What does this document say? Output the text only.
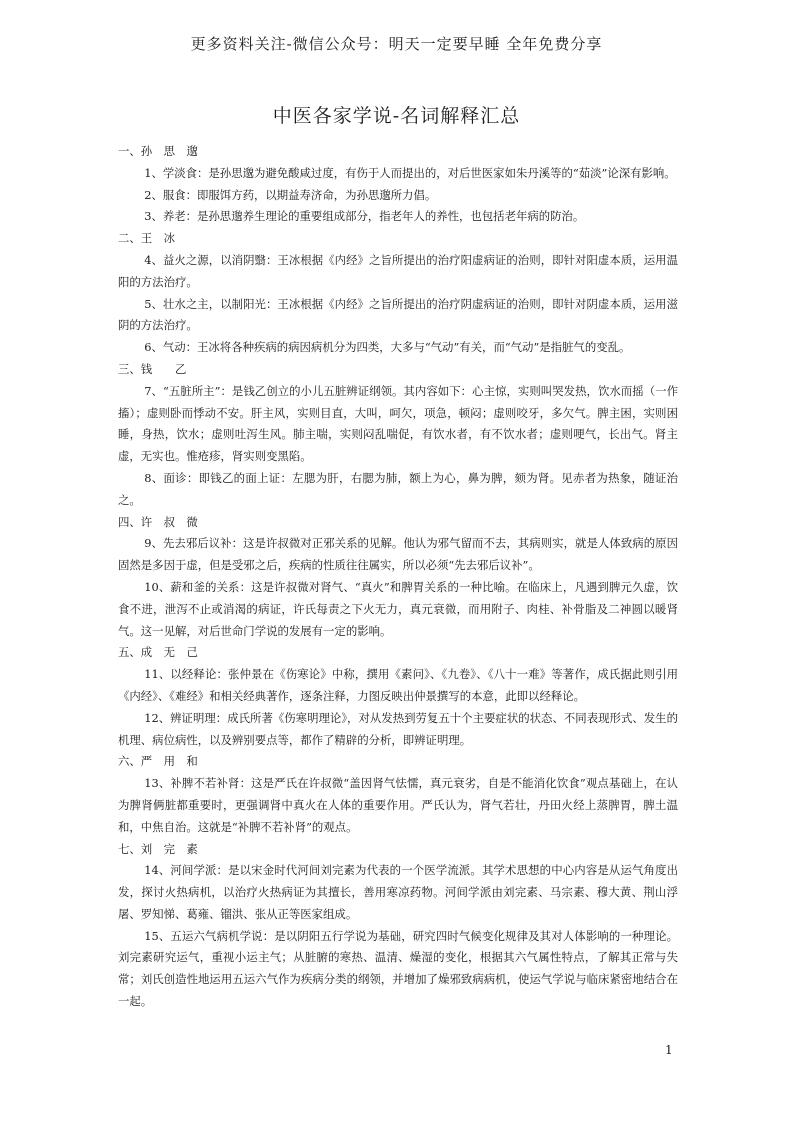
更多资料关注-微信公众号：明天一定要早睡 全年免费分享
中医各家学说-名词解释汇总

一、孙　思　邈

1、学淡食：是孙思邈为避免酸咸过度，有伤于人而提出的，对后世医家如朱丹溪等的“茹淡”论深有影响。

2、服食：即服饵方药，以期益寿济命，为孙思邈所力倡。

3、养老：是孙思邈养生理论的重要组成部分，指老年人的养性，也包括老年病的防治。

二、王　冰

4、益火之源，以消阴翳：王冰根据《内经》之旨所提出的治疗阳虚病证的治则，即针对阳虚本质，运用温阳的方法治疗。

5、壮水之主，以制阳光：王冰根据《内经》之旨所提出的治疗阴虚病证的治则，即针对阴虚本质，运用滋阴的方法治疗。

6、气动：王冰将各种疾病的病因病机分为四类，大多与“气动”有关，而“气动”是指脏气的变乱。

三、钱　　乙

7、“五脏所主”：是钱乙创立的小儿五脏辨证纲领。其内容如下：心主惊，实则叫哭发热，饮水而摇（一作搐）；虚则卧而悸动不安。肝主风，实则目直，大叫，呵欠，项急，顿闷；虚则咬牙，多欠气。脾主困，实则困睡，身热，饮水；虚则吐泻生风。肺主喘，实则闷乱喘促，有饮水者，有不饮水者；虚则哽气，长出气。肾主虚，无实也。惟疮疹，肾实则变黑陷。

8、面诊：即钱乙的面上证：左腮为肝，右腮为肺，额上为心，鼻为脾，颏为肾。见赤者为热象，随证治之。

四、许　叔　微

9、先去邪后议补：这是许叔微对正邪关系的见解。他认为邪气留而不去，其病则实，就是人体致病的原因固然是多因于虚，但是受邪之后，疾病的性质往往属实，所以必须“先去邪后议补”。

10、薪和釜的关系：这是许叔微对肾气、“真火”和脾胃关系的一种比喻。在临床上，凡遇到脾元久虚，饮食不进，泄泻不止或消渴的病证，许氏每责之下火无力，真元衰微，而用附子、肉桂、补骨脂及二神圆以暖肾气。这一见解，对后世命门学说的发展有一定的影响。

五、成　无　己

11、以经释论：张仲景在《伤寒论》中称，撰用《素问》、《九卷》、《八十一难》等著作，成氏据此则引用《内经》、《难经》和相关经典著作，逐条注释，力图反映出仲景撰写的本意，此即以经释论。

12、辨证明理：成氏所著《伤寒明理论》，对从发热到劳复五十个主要症状的状态、不同表现形式、发生的机理、病位病性，以及辨别要点等，都作了精辟的分析，即辨证明理。

六、严　用　和

13、补脾不若补肾：这是严氏在许叔微“盖因肾气怯懦，真元衰劣，自是不能消化饮食”观点基础上，在认为脾肾俩脏都重要时，更强调肾中真火在人体的重要作用。严氏认为，肾气若壮，丹田火经上蒸脾胃，脾土温和，中焦自治。这就是“补脾不若补肾”的观点。

七、刘　完　素

14、河间学派：是以宋金时代河间刘完素为代表的一个医学流派。其学术思想的中心内容是从运气角度出发，探讨火热病机，以治疗火热病证为其擅长，善用寒凉药物。河间学派由刘完素、马宗素、穆大黄、荆山浮屠、罗知悌、葛雍、镏洪、张从正等医家组成。

15、五运六气病机学说：是以阴阳五行学说为基础，研究四时气候变化规律及其对人体影响的一种理论。刘完素研究运气，重视小运主气；从脏腑的寒热、温清、燥湿的变化，根据其六气属性特点，了解其正常与失常；刘氏创造性地运用五运六气作为疾病分类的纲领，并增加了燥邪致病病机，使运气学说与临床紧密地结合在一起。

1
